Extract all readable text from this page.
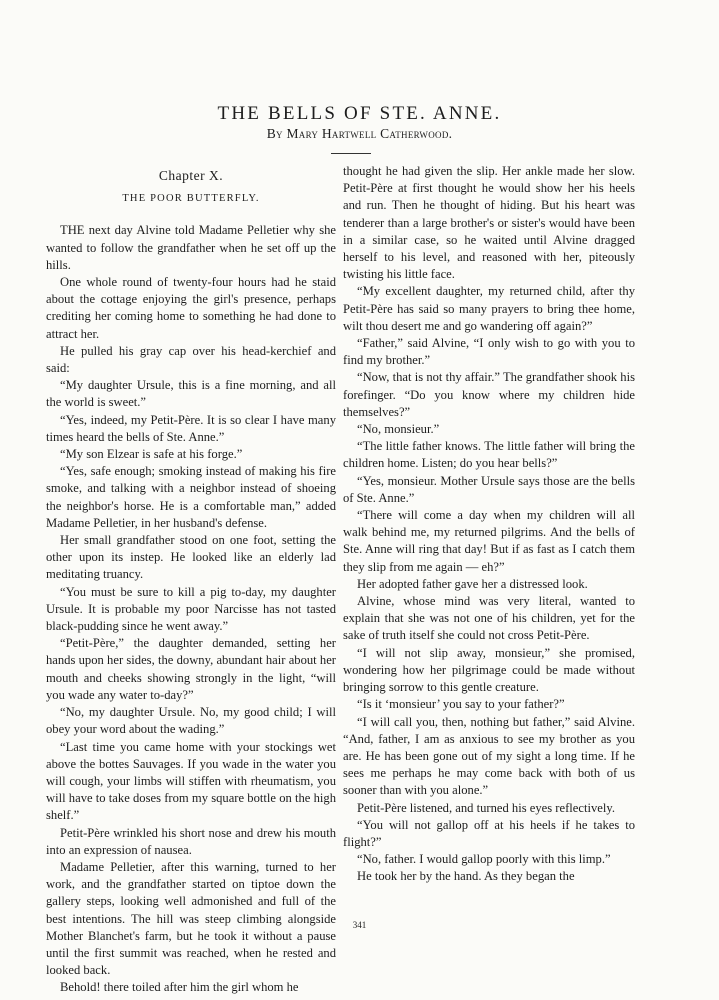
THE BELLS OF STE. ANNE.
By Mary Hartwell Catherwood.
Chapter X.
THE POOR BUTTERFLY.

THE next day Alvine told Madame Pelletier why she wanted to follow the grandfather when he set off up the hills.

One whole round of twenty-four hours had he staid about the cottage enjoying the girl's presence, perhaps crediting her coming home to something he had done to attract her.

He pulled his gray cap over his head-kerchief and said:

“My daughter Ursule, this is a fine morning, and all the world is sweet.”

“Yes, indeed, my Petit-Père. It is so clear I have many times heard the bells of Ste. Anne.”

“My son Elzear is safe at his forge.”

“Yes, safe enough; smoking instead of making his fire smoke, and talking with a neighbor instead of shoeing the neighbor's horse. He is a comfortable man,” added Madame Pelletier, in her husband's defense.

Her small grandfather stood on one foot, setting the other upon its instep. He looked like an elderly lad meditating truancy.

“You must be sure to kill a pig to-day, my daughter Ursule. It is probable my poor Narcisse has not tasted black-pudding since he went away.”

“Petit-Père,” the daughter demanded, setting her hands upon her sides, the downy, abundant hair about her mouth and cheeks showing strongly in the light, “will you wade any water to-day?”

“No, my daughter Ursule. No, my good child; I will obey your word about the wading.”

“Last time you came home with your stockings wet above the bottes Sauvages. If you wade in the water you will cough, your limbs will stiffen with rheumatism, you will have to take doses from my square bottle on the high shelf.”

Petit-Père wrinkled his short nose and drew his mouth into an expression of nausea.

Madame Pelletier, after this warning, turned to her work, and the grandfather started on tiptoe down the gallery steps, looking well admonished and full of the best intentions. The hill was steep climbing alongside Mother Blanchet's farm, but he took it without a pause until the first summit was reached, when he rested and looked back.

Behold! there toiled after him the girl whom he

thought he had given the slip. Her ankle made her slow. Petit-Père at first thought he would show her his heels and run. Then he thought of hiding. But his heart was tenderer than a large brother's or sister's would have been in a similar case, so he waited until Alvine dragged herself to his level, and reasoned with her, piteously twisting his little face.

“My excellent daughter, my returned child, after thy Petit-Père has said so many prayers to bring thee home, wilt thou desert me and go wandering off again?”

“Father,” said Alvine, “I only wish to go with you to find my brother.”

“Now, that is not thy affair.” The grandfather shook his forefinger. “Do you know where my children hide themselves?”

“No, monsieur.”

“The little father knows. The little father will bring the children home. Listen; do you hear bells?”

“Yes, monsieur. Mother Ursule says those are the bells of Ste. Anne.”

“There will come a day when my children will all walk behind me, my returned pilgrims. And the bells of Ste. Anne will ring that day! But if as fast as I catch them they slip from me again — eh?”

Her adopted father gave her a distressed look.

Alvine, whose mind was very literal, wanted to explain that she was not one of his children, yet for the sake of truth itself she could not cross Petit-Père.

“I will not slip away, monsieur,” she promised, wondering how her pilgrimage could be made without bringing sorrow to this gentle creature.

“Is it ‘monsieur’ you say to your father?”

“I will call you, then, nothing but father,” said Alvine. “And, father, I am as anxious to see my brother as you are. He has been gone out of my sight a long time. If he sees me perhaps he may come back with both of us sooner than with you alone.”

Petit-Père listened, and turned his eyes reflectively.

“You will not gallop off at his heels if he takes to flight?”

“No, father. I would gallop poorly with this limp.”

He took her by the hand. As they began the

341
